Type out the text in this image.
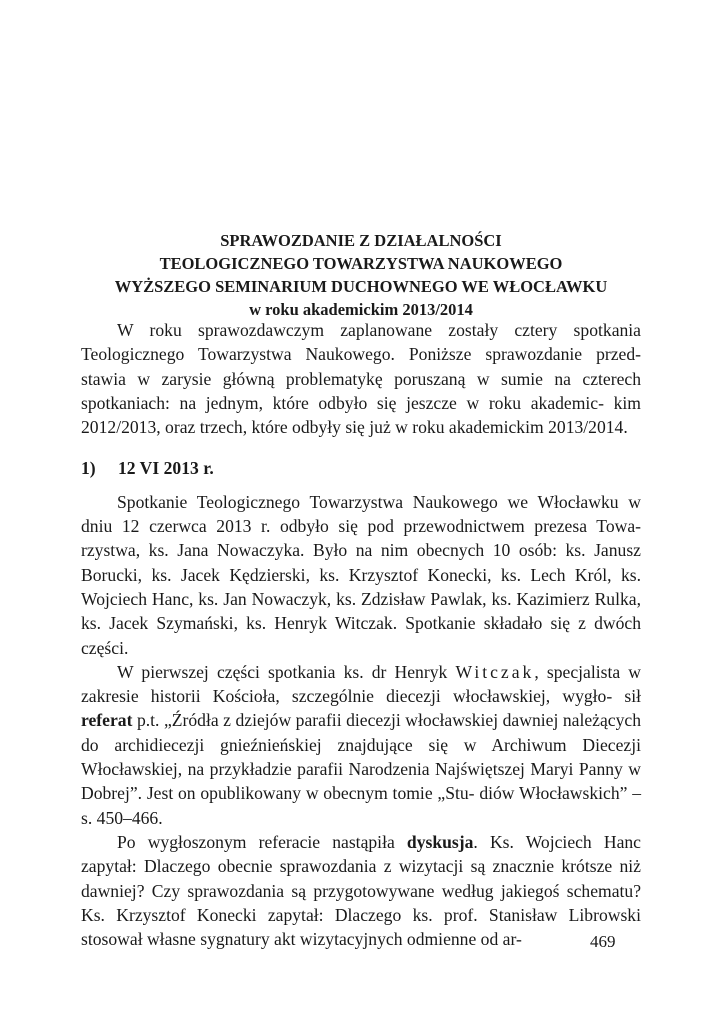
SPRAWOZDANIE Z DZIAŁALNOŚCI
TEOLOGICZNEGO TOWARZYSTWA NAUKOWEGO
WYŻSZEGO SEMINARIUM DUCHOWNEGO WE WŁOCŁAWKU
w roku akademickim 2013/2014

W roku sprawozdawczym zaplanowane zostały cztery spotkania Teologicznego Towarzystwa Naukowego. Poniższe sprawozdanie przed- stawia w zarysie główną problematykę poruszaną w sumie na czterech spotkaniach: na jednym, które odbyło się jeszcze w roku akademic- kim 2012/2013, oraz trzech, które odbyły się już w roku akademickim 2013/2014.

1) 12 VI 2013 r.

Spotkanie Teologicznego Towarzystwa Naukowego we Włocławku w dniu 12 czerwca 2013 r. odbyło się pod przewodnictwem prezesa Towa- rzystwa, ks. Jana Nowaczyka. Było na nim obecnych 10 osób: ks. Janusz Borucki, ks. Jacek Kędzierski, ks. Krzysztof Konecki, ks. Lech Król, ks. Wojciech Hanc, ks. Jan Nowaczyk, ks. Zdzisław Pawlak, ks. Kazimierz Rulka, ks. Jacek Szymański, ks. Henryk Witczak. Spotkanie składało się z dwóch części.

W pierwszej części spotkania ks. dr Henryk Witczak, specjalista w zakresie historii Kościoła, szczególnie diecezji włocławskiej, wygło- sił referat p.t. „Źródła z dziejów parafii diecezji włocławskiej dawniej należących do archidiecezji gnieźnieńskiej znajdujące się w Archiwum Diecezji Włocławskiej, na przykładzie parafii Narodzenia Najświętszej Maryi Panny w Dobrej”. Jest on opublikowany w obecnym tomie „Stu- diów Włocławskich” – s. 450–466.

Po wygłoszonym referacie nastąpiła dyskusja. Ks. Wojciech Hanc zapytał: Dlaczego obecnie sprawozdania z wizytacji są znacznie krótsze niż dawniej? Czy sprawozdania są przygotowywane według jakiegoś schematu? Ks. Krzysztof Konecki zapytał: Dlaczego ks. prof. Stanisław Librowski stosował własne sygnatury akt wizytacyjnych odmienne od ar-	469
